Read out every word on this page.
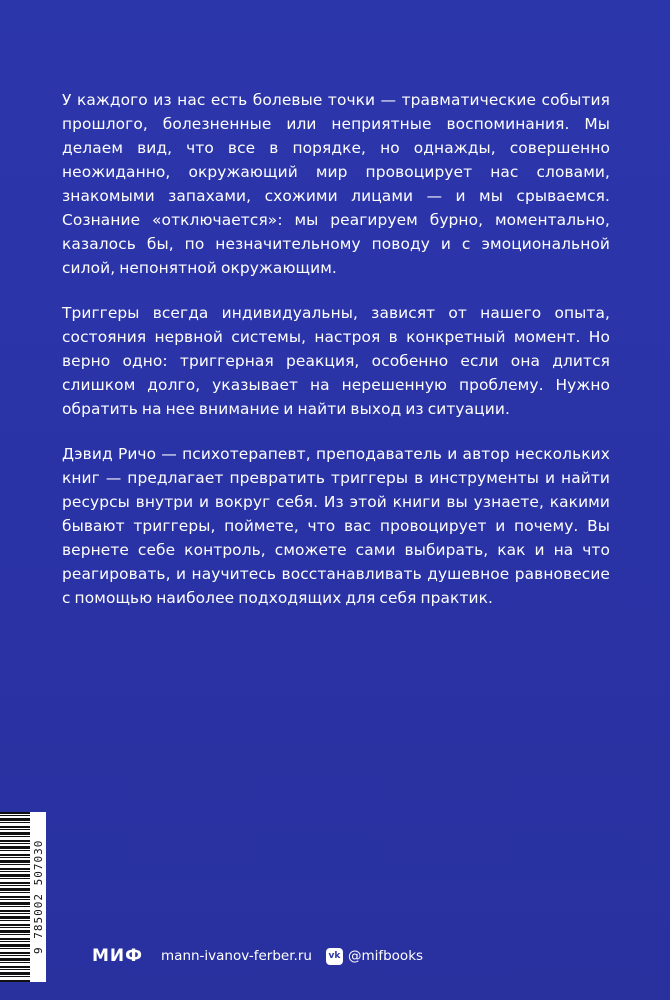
У каждого из нас есть болевые точки — травматические события прошлого, болезненные или неприятные воспоминания. Мы делаем вид, что все в порядке, но однажды, совершенно неожиданно, окружающий мир провоцирует нас словами, знакомыми запахами, схожими лицами — и мы срываемся. Сознание «отключается»: мы реагируем бурно, моментально, казалось бы, по незначительному поводу и с эмоциональной силой, непонятной окружающим.

Триггеры всегда индивидуальны, зависят от нашего опыта, состояния нервной системы, настроя в конкретный момент. Но верно одно: триггерная реакция, особенно если она длится слишком долго, указывает на нерешенную проблему. Нужно обратить на нее внимание и найти выход из ситуации.

Дэвид Ричо — психотерапевт, преподаватель и автор нескольких книг — предлагает превратить триггеры в инструменты и найти ресурсы внутри и вокруг себя. Из этой книги вы узнаете, какими бывают триггеры, поймете, что вас провоцирует и почему. Вы вернете себе контроль, сможете сами выбирать, как и на что реагировать, и научитесь восстанавливать душевное равновесие с помощью наиболее подходящих для себя практик.

9 785002 507030
МИФ mann-ivanov-ferber.ru vk @mifbooks
